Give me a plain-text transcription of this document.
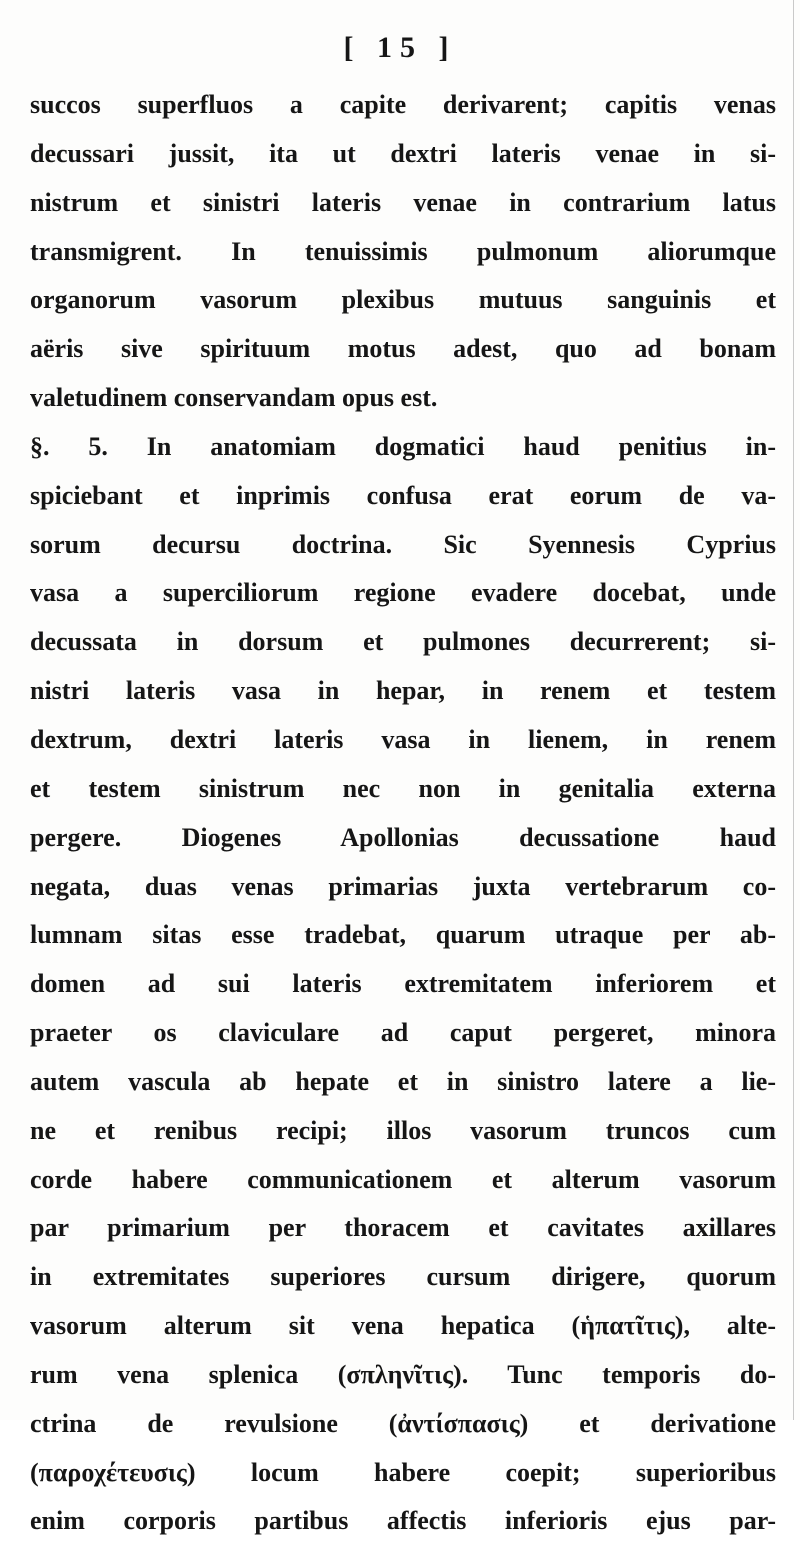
[ 15 ]
succos superfluos a capite derivarent; capitis venas
decussari jussit, ita ut dextri lateris venae in si-
nistrum et sinistri lateris venae in contrarium latus
transmigrent. In tenuissimis pulmonum aliorumque
organorum vasorum plexibus mutuus sanguinis et
aëris sive spirituum motus adest, quo ad bonam
valetudinem conservandam opus est.
§. 5. In anatomiam dogmatici haud penitius in-
spiciebant et inprimis confusa erat eorum de va-
sorum decursu doctrina. Sic Syennesis Cyprius
vasa a superciliorum regione evadere docebat, unde
decussata in dorsum et pulmones decurrerent; si-
nistri lateris vasa in hepar, in renem et testem
dextrum, dextri lateris vasa in lienem, in renem
et testem sinistrum nec non in genitalia externa
pergere. Diogenes Apollonias decussatione haud
negata, duas venas primarias juxta vertebrarum co-
lumnam sitas esse tradebat, quarum utraque per ab-
domen ad sui lateris extremitatem inferiorem et
praeter os claviculare ad caput pergeret, minora
autem vascula ab hepate et in sinistro latere a lie-
ne et renibus recipi; illos vasorum truncos cum
corde habere communicationem et alterum vasorum
par primarium per thoracem et cavitates axillares
in extremitates superiores cursum dirigere, quorum
vasorum alterum sit vena hepatica (ἡπατῖτις), alte-
rum vena splenica (σπληνῖτις). Tunc temporis do-
ctrina de revulsione (ἀντίσπασις) et derivatione
(παροχέτευσις) locum habere coepit; superioribus
enim corporis partibus affectis inferioris ejus par-
